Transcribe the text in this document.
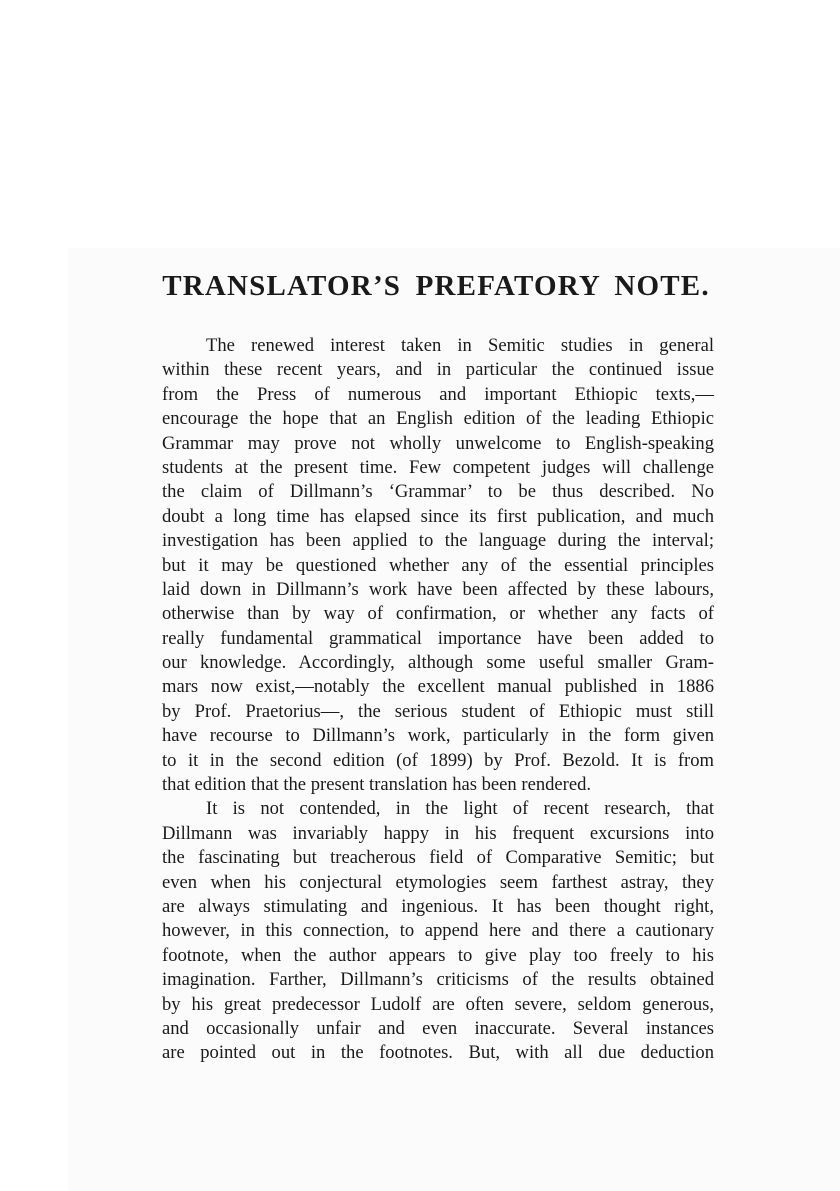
TRANSLATOR’S PREFATORY NOTE.
The renewed interest taken in Semitic studies in general
within these recent years, and in particular the continued issue
from the Press of numerous and important Ethiopic texts,—
encourage the hope that an English edition of the leading Ethiopic
Grammar may prove not wholly unwelcome to English-speaking
students at the present time. Few competent judges will challenge
the claim of Dillmann’s ‘Grammar’ to be thus described. No
doubt a long time has elapsed since its first publication, and much
investigation has been applied to the language during the interval;
but it may be questioned whether any of the essential principles
laid down in Dillmann’s work have been affected by these labours,
otherwise than by way of confirmation, or whether any facts of
really fundamental grammatical importance have been added to
our knowledge. Accordingly, although some useful smaller Gram-
mars now exist,—notably the excellent manual published in 1886
by Prof. Praetorius—, the serious student of Ethiopic must still
have recourse to Dillmann’s work, particularly in the form given
to it in the second edition (of 1899) by Prof. Bezold. It is from
that edition that the present translation has been rendered.
It is not contended, in the light of recent research, that
Dillmann was invariably happy in his frequent excursions into
the fascinating but treacherous field of Comparative Semitic; but
even when his conjectural etymologies seem farthest astray, they
are always stimulating and ingenious. It has been thought right,
however, in this connection, to append here and there a cautionary
footnote, when the author appears to give play too freely to his
imagination. Farther, Dillmann’s criticisms of the results obtained
by his great predecessor Ludolf are often severe, seldom generous,
and occasionally unfair and even inaccurate. Several instances
are pointed out in the footnotes. But, with all due deduction
